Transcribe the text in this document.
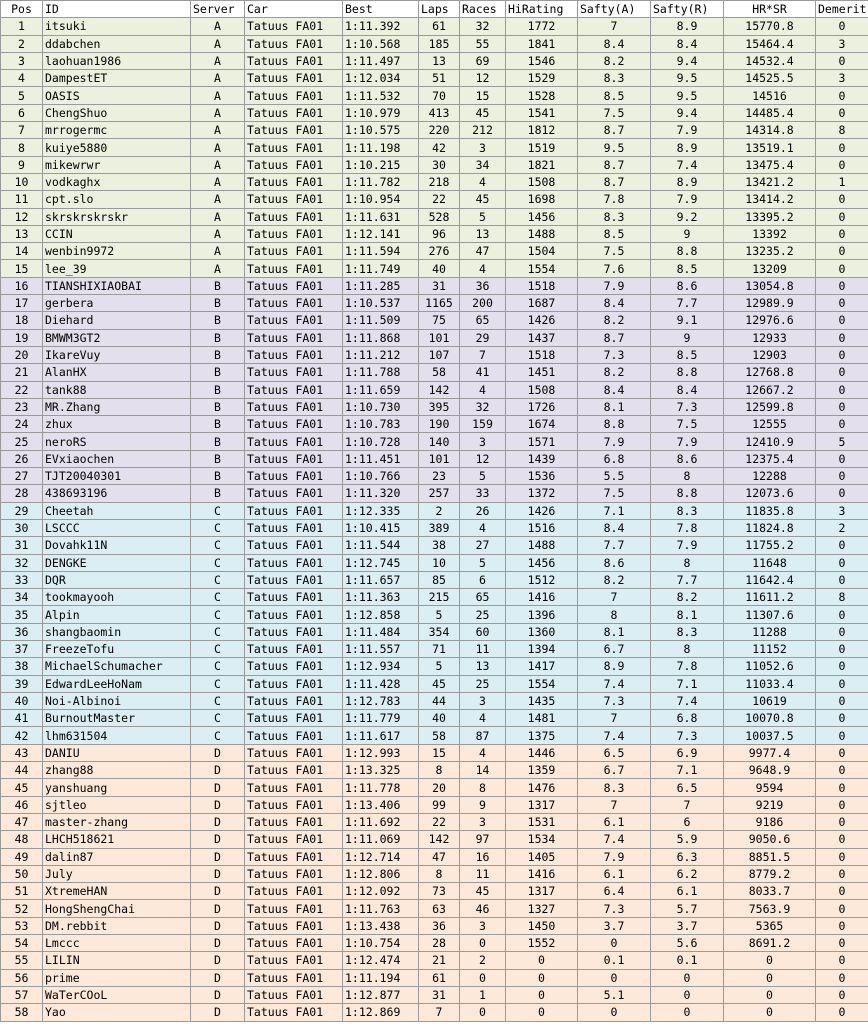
Pos	ID	Server	Car	Best	Laps	Races	HiRating	Safty(A)	Safty(R)	HR*SR	Demerit
1	itsuki	A	Tatuus FA01	1:11.392	61	32	1772	7	8.9	15770.8	0
2	ddabchen	A	Tatuus FA01	1:10.568	185	55	1841	8.4	8.4	15464.4	3
3	laohuan1986	A	Tatuus FA01	1:11.497	13	69	1546	8.2	9.4	14532.4	0
4	DampestET	A	Tatuus FA01	1:12.034	51	12	1529	8.3	9.5	14525.5	3
5	OASIS	A	Tatuus FA01	1:11.532	70	15	1528	8.5	9.5	14516	0
6	ChengShuo	A	Tatuus FA01	1:10.979	413	45	1541	7.5	9.4	14485.4	0
7	mrrogermc	A	Tatuus FA01	1:10.575	220	212	1812	8.7	7.9	14314.8	8
8	kuiye5880	A	Tatuus FA01	1:11.198	42	3	1519	9.5	8.9	13519.1	0
9	mikewrwr	A	Tatuus FA01	1:10.215	30	34	1821	8.7	7.4	13475.4	0
10	vodkaghx	A	Tatuus FA01	1:11.782	218	4	1508	8.7	8.9	13421.2	1
11	cpt.slo	A	Tatuus FA01	1:10.954	22	45	1698	7.8	7.9	13414.2	0
12	skrskrskrskr	A	Tatuus FA01	1:11.631	528	5	1456	8.3	9.2	13395.2	0
13	CCIN	A	Tatuus FA01	1:12.141	96	13	1488	8.5	9	13392	0
14	wenbin9972	A	Tatuus FA01	1:11.594	276	47	1504	7.5	8.8	13235.2	0
15	lee_39	A	Tatuus FA01	1:11.749	40	4	1554	7.6	8.5	13209	0
16	TIANSHIXIAOBAI	B	Tatuus FA01	1:11.285	31	36	1518	7.9	8.6	13054.8	0
17	gerbera	B	Tatuus FA01	1:10.537	1165	200	1687	8.4	7.7	12989.9	0
18	Diehard	B	Tatuus FA01	1:11.509	75	65	1426	8.2	9.1	12976.6	0
19	BMWM3GT2	B	Tatuus FA01	1:11.868	101	29	1437	8.7	9	12933	0
20	IkareVuy	B	Tatuus FA01	1:11.212	107	7	1518	7.3	8.5	12903	0
21	AlanHX	B	Tatuus FA01	1:11.788	58	41	1451	8.2	8.8	12768.8	0
22	tank88	B	Tatuus FA01	1:11.659	142	4	1508	8.4	8.4	12667.2	0
23	MR.Zhang	B	Tatuus FA01	1:10.730	395	32	1726	8.1	7.3	12599.8	0
24	zhux	B	Tatuus FA01	1:10.783	190	159	1674	8.8	7.5	12555	0
25	neroRS	B	Tatuus FA01	1:10.728	140	3	1571	7.9	7.9	12410.9	5
26	EVxiaochen	B	Tatuus FA01	1:11.451	101	12	1439	6.8	8.6	12375.4	0
27	TJT20040301	B	Tatuus FA01	1:10.766	23	5	1536	5.5	8	12288	0
28	438693196	B	Tatuus FA01	1:11.320	257	33	1372	7.5	8.8	12073.6	0
29	Cheetah	C	Tatuus FA01	1:12.335	2	26	1426	7.1	8.3	11835.8	3
30	LSCCC	C	Tatuus FA01	1:10.415	389	4	1516	8.4	7.8	11824.8	2
31	Dovahk11N	C	Tatuus FA01	1:11.544	38	27	1488	7.7	7.9	11755.2	0
32	DENGKE	C	Tatuus FA01	1:12.745	10	5	1456	8.6	8	11648	0
33	DQR	C	Tatuus FA01	1:11.657	85	6	1512	8.2	7.7	11642.4	0
34	tookmayooh	C	Tatuus FA01	1:11.363	215	65	1416	7	8.2	11611.2	8
35	Alpin	C	Tatuus FA01	1:12.858	5	25	1396	8	8.1	11307.6	0
36	shangbaomin	C	Tatuus FA01	1:11.484	354	60	1360	8.1	8.3	11288	0
37	FreezeTofu	C	Tatuus FA01	1:11.557	71	11	1394	6.7	8	11152	0
38	MichaelSchumacher	C	Tatuus FA01	1:12.934	5	13	1417	8.9	7.8	11052.6	0
39	EdwardLeeHoNam	C	Tatuus FA01	1:11.428	45	25	1554	7.4	7.1	11033.4	0
40	Noi-Albinoi	C	Tatuus FA01	1:12.783	44	3	1435	7.3	7.4	10619	0
41	BurnoutMaster	C	Tatuus FA01	1:11.779	40	4	1481	7	6.8	10070.8	0
42	lhm631504	C	Tatuus FA01	1:11.617	58	87	1375	7.4	7.3	10037.5	0
43	DANIU	D	Tatuus FA01	1:12.993	15	4	1446	6.5	6.9	9977.4	0
44	zhang88	D	Tatuus FA01	1:13.325	8	14	1359	6.7	7.1	9648.9	0
45	yanshuang	D	Tatuus FA01	1:11.778	20	8	1476	8.3	6.5	9594	0
46	sjtleo	D	Tatuus FA01	1:13.406	99	9	1317	7	7	9219	0
47	master-zhang	D	Tatuus FA01	1:11.692	22	3	1531	6.1	6	9186	0
48	LHCH518621	D	Tatuus FA01	1:11.069	142	97	1534	7.4	5.9	9050.6	0
49	dalin87	D	Tatuus FA01	1:12.714	47	16	1405	7.9	6.3	8851.5	0
50	July	D	Tatuus FA01	1:12.806	8	11	1416	6.1	6.2	8779.2	0
51	XtremeHAN	D	Tatuus FA01	1:12.092	73	45	1317	6.4	6.1	8033.7	0
52	HongShengChai	D	Tatuus FA01	1:11.763	63	46	1327	7.3	5.7	7563.9	0
53	DM.rebbit	D	Tatuus FA01	1:13.438	36	3	1450	3.7	3.7	5365	0
54	Lmccc	D	Tatuus FA01	1:10.754	28	0	1552	0	5.6	8691.2	0
55	LILIN	D	Tatuus FA01	1:12.474	21	2	0	0.1	0.1	0	0
56	prime	D	Tatuus FA01	1:11.194	61	0	0	0	0	0	0
57	WaTerCOoL	D	Tatuus FA01	1:12.877	31	1	0	5.1	0	0	0
58	Yao	D	Tatuus FA01	1:12.869	7	0	0	0	0	0	0
